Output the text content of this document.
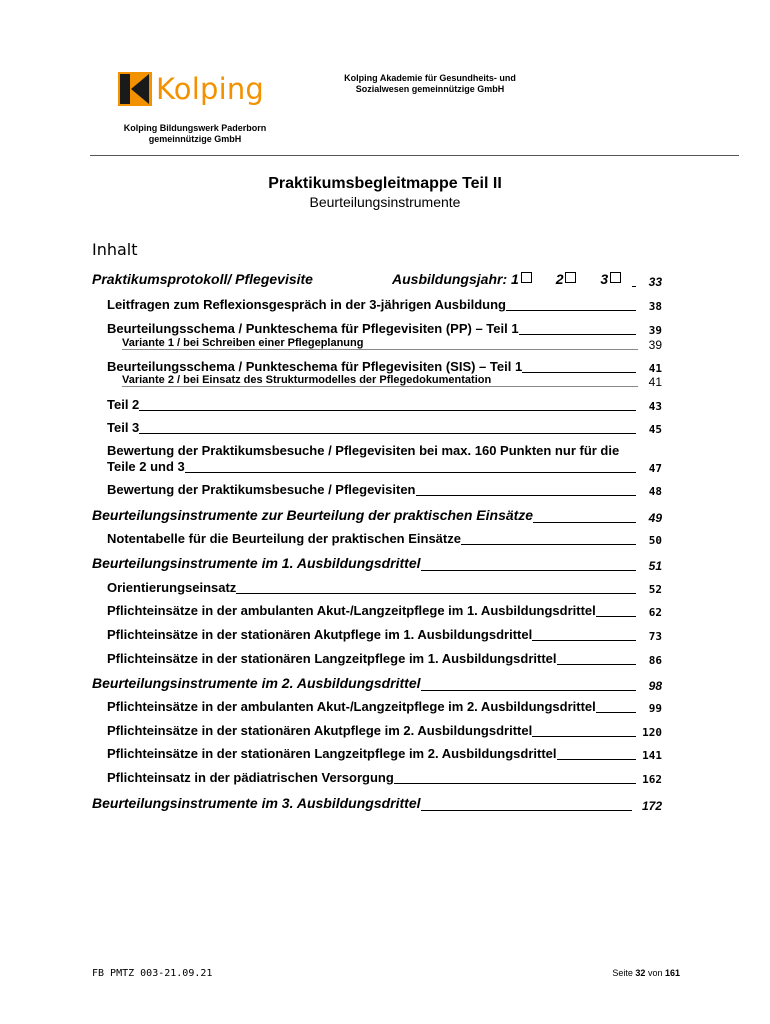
Kolping	Kolping Akademie für Gesundheits- und
Sozialwesen gemeinnützige GmbH
Kolping Bildungswerk Paderborn
gemeinnützige GmbH
Praktikumsbegleitmappe Teil II
Beurteilungsinstrumente
Inhalt
Praktikumsprotokoll/ Pflegevisite	Ausbildungsjahr: 1	2	3	33
Leitfragen zum Reflexionsgespräch in der 3-jährigen Ausbildung	38
Beurteilungsschema / Punkteschema für Pflegevisiten (PP) – Teil 1	39
Variante 1 / bei Schreiben einer Pflegeplanung	39
Beurteilungsschema / Punkteschema für Pflegevisiten (SIS) – Teil 1	41
Variante 2 / bei Einsatz des Strukturmodelles der Pflegedokumentation	41
Teil 2	43
Teil 3	45
Bewertung der Praktikumsbesuche / Pflegevisiten bei max. 160 Punkten nur für die
Teile 2 und 3	47
Bewertung der Praktikumsbesuche / Pflegevisiten	48
Beurteilungsinstrumente zur Beurteilung der praktischen Einsätze	49
Notentabelle für die Beurteilung der praktischen Einsätze	50
Beurteilungsinstrumente im 1. Ausbildungsdrittel	51
Orientierungseinsatz	52
Pflichteinsätze in der ambulanten Akut-/Langzeitpflege im 1. Ausbildungsdrittel	62
Pflichteinsätze in der stationären Akutpflege im 1. Ausbildungsdrittel	73
Pflichteinsätze in der stationären Langzeitpflege im 1. Ausbildungsdrittel	86
Beurteilungsinstrumente im 2. Ausbildungsdrittel	98
Pflichteinsätze in der ambulanten Akut-/Langzeitpflege im 2. Ausbildungsdrittel	99
Pflichteinsätze in der stationären Akutpflege im 2. Ausbildungsdrittel	120
Pflichteinsätze in der stationären Langzeitpflege im 2. Ausbildungsdrittel	141
Pflichteinsatz in der pädiatrischen Versorgung	162
Beurteilungsinstrumente im 3. Ausbildungsdrittel	172
FB PMTZ 003-21.09.21	Seite 32 von 161
